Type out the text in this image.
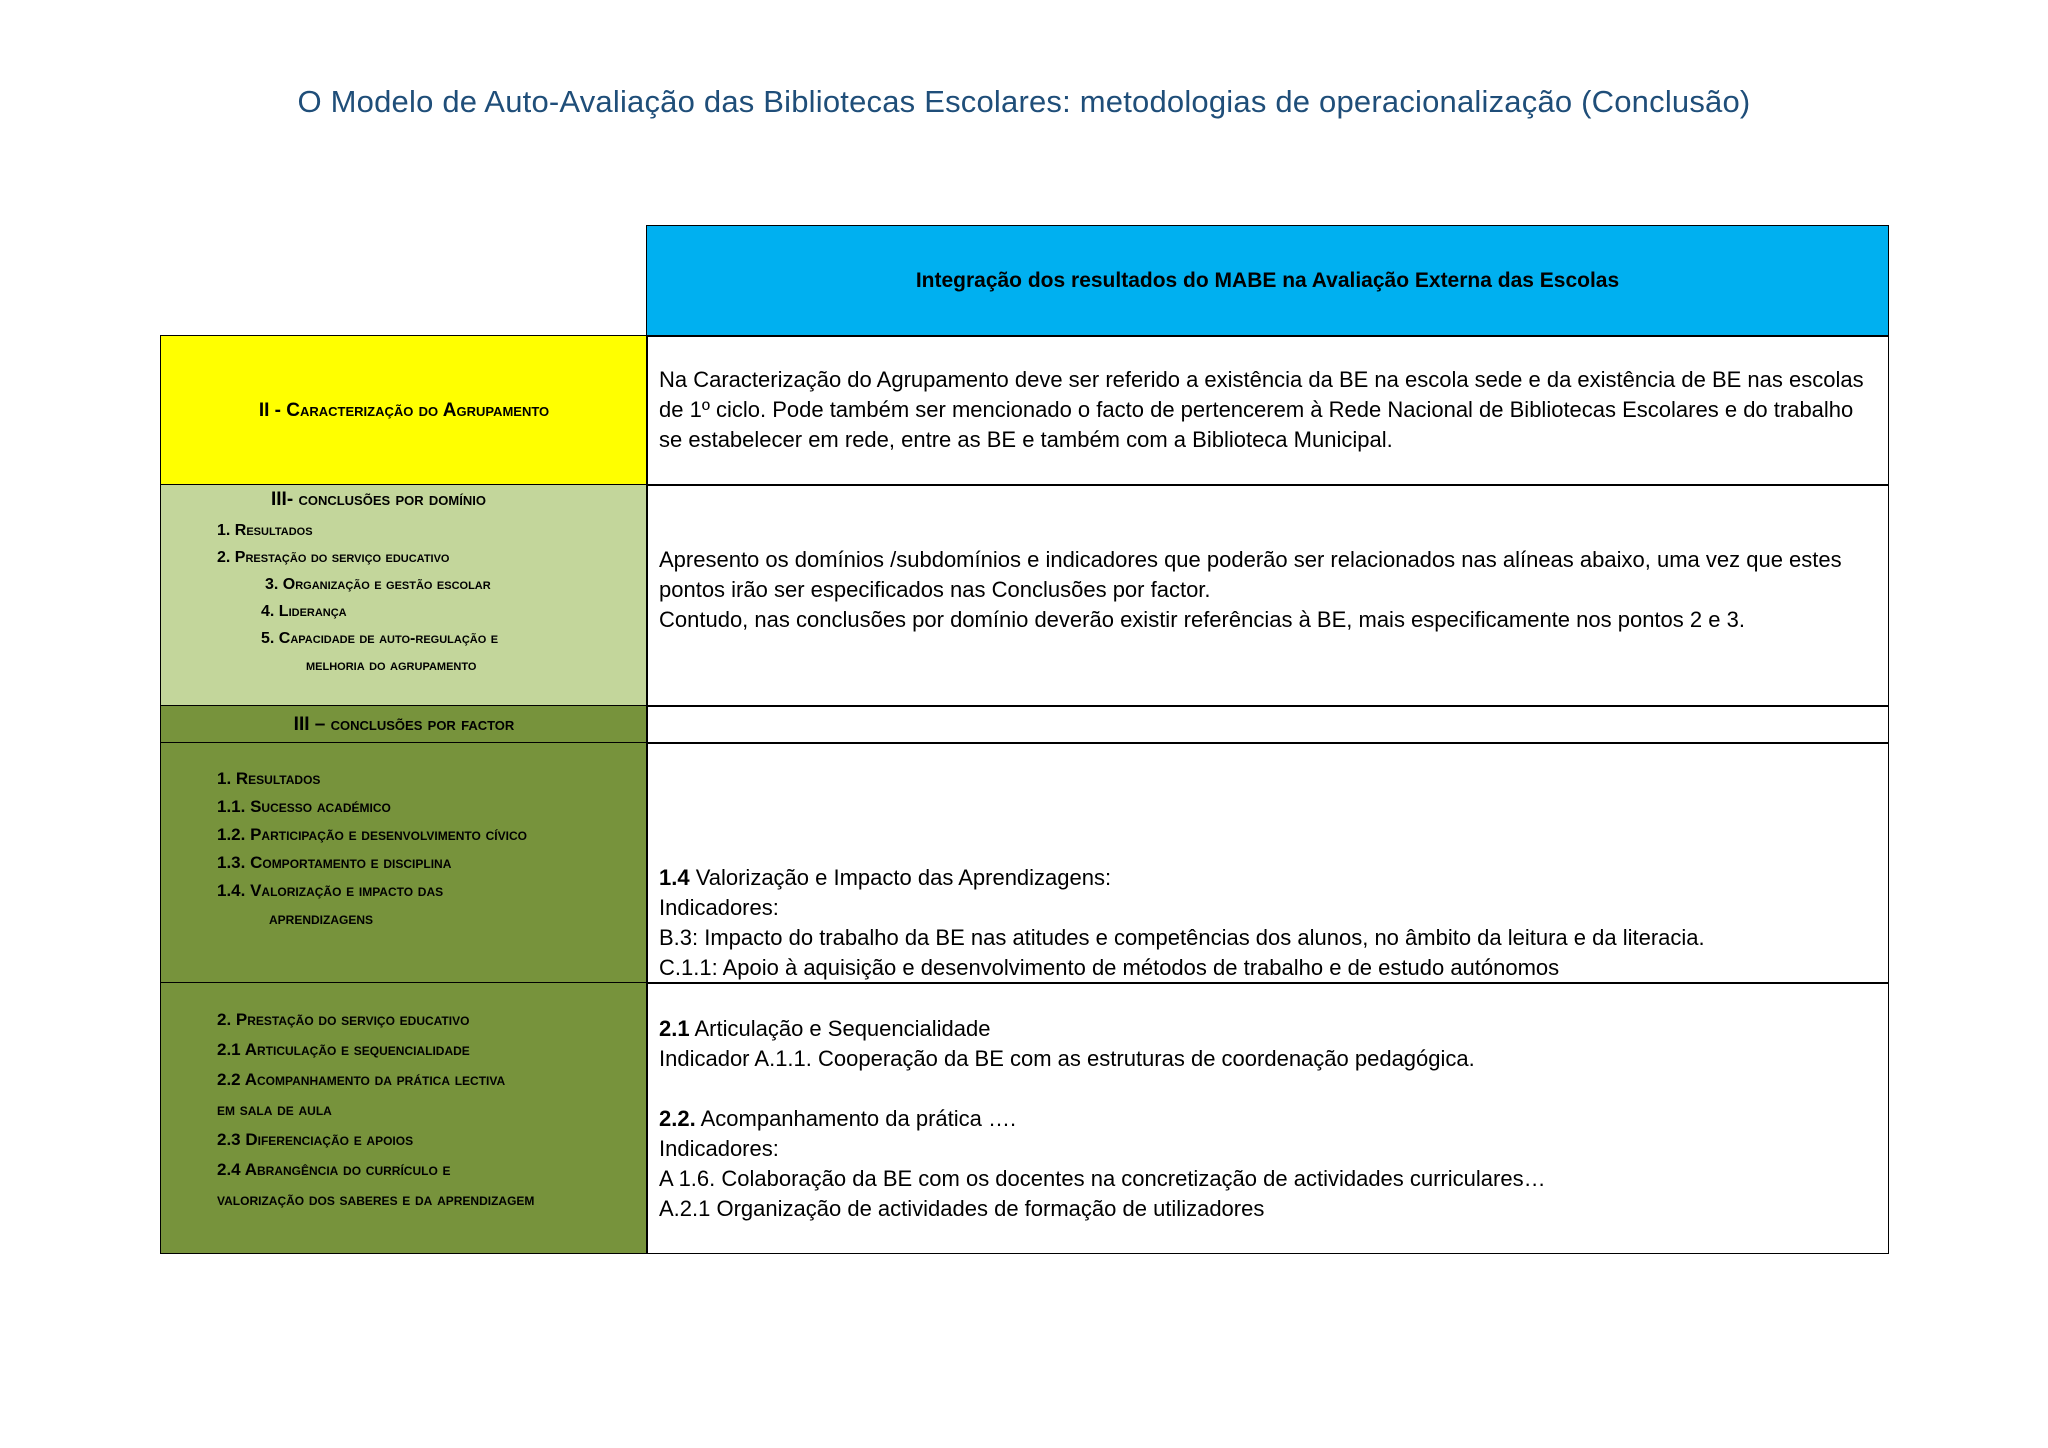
O Modelo de Auto-Avaliação das Bibliotecas Escolares: metodologias de operacionalização (Conclusão)
Integração dos resultados do MABE na Avaliação Externa das Escolas
II - Caracterização do Agrupamento

Na Caracterização do Agrupamento deve ser referido a existência da BE na escola sede e da existência de BE nas escolas de 1º ciclo. Pode também ser mencionado o facto de pertencerem à Rede Nacional de Bibliotecas Escolares e do trabalho se estabelecer em rede, entre as BE e também com a Biblioteca Municipal.

III- conclusões por domínio
1. Resultados
2. Prestação do serviço educativo
3. Organização e gestão escolar
4. Liderança
5. Capacidade de auto-regulação e
melhoria do agrupamento

Apresento os domínios /subdomínios e indicadores que poderão ser relacionados nas alíneas abaixo, uma vez que estes

pontos irão ser especificados nas Conclusões por factor.

Contudo, nas conclusões por domínio deverão existir referências à BE, mais especificamente nos pontos 2 e 3.

III – conclusões por factor
1. Resultados
1.1. Sucesso académico
1.2. Participação e desenvolvimento cívico
1.3. Comportamento e disciplina
1.4. Valorização e impacto das
aprendizagens

1.4 Valorização e Impacto das Aprendizagens:

Indicadores:

B.3: Impacto do trabalho da BE nas atitudes e competências dos alunos, no âmbito da leitura e da literacia.

C.1.1: Apoio à aquisição e desenvolvimento de métodos de trabalho e de estudo autónomos

2. Prestação do serviço educativo
2.1 Articulação e sequencialidade
2.2 Acompanhamento da prática lectiva
em sala de aula
2.3 Diferenciação e apoios
2.4 Abrangência do currículo e
valorização dos saberes e da aprendizagem

2.1 Articulação e Sequencialidade

Indicador A.1.1. Cooperação da BE com as estruturas de coordenação pedagógica.

2.2. Acompanhamento da prática ….

Indicadores:

A 1.6. Colaboração da BE com os docentes na concretização de actividades curriculares…

A.2.1 Organização de actividades de formação de utilizadores
